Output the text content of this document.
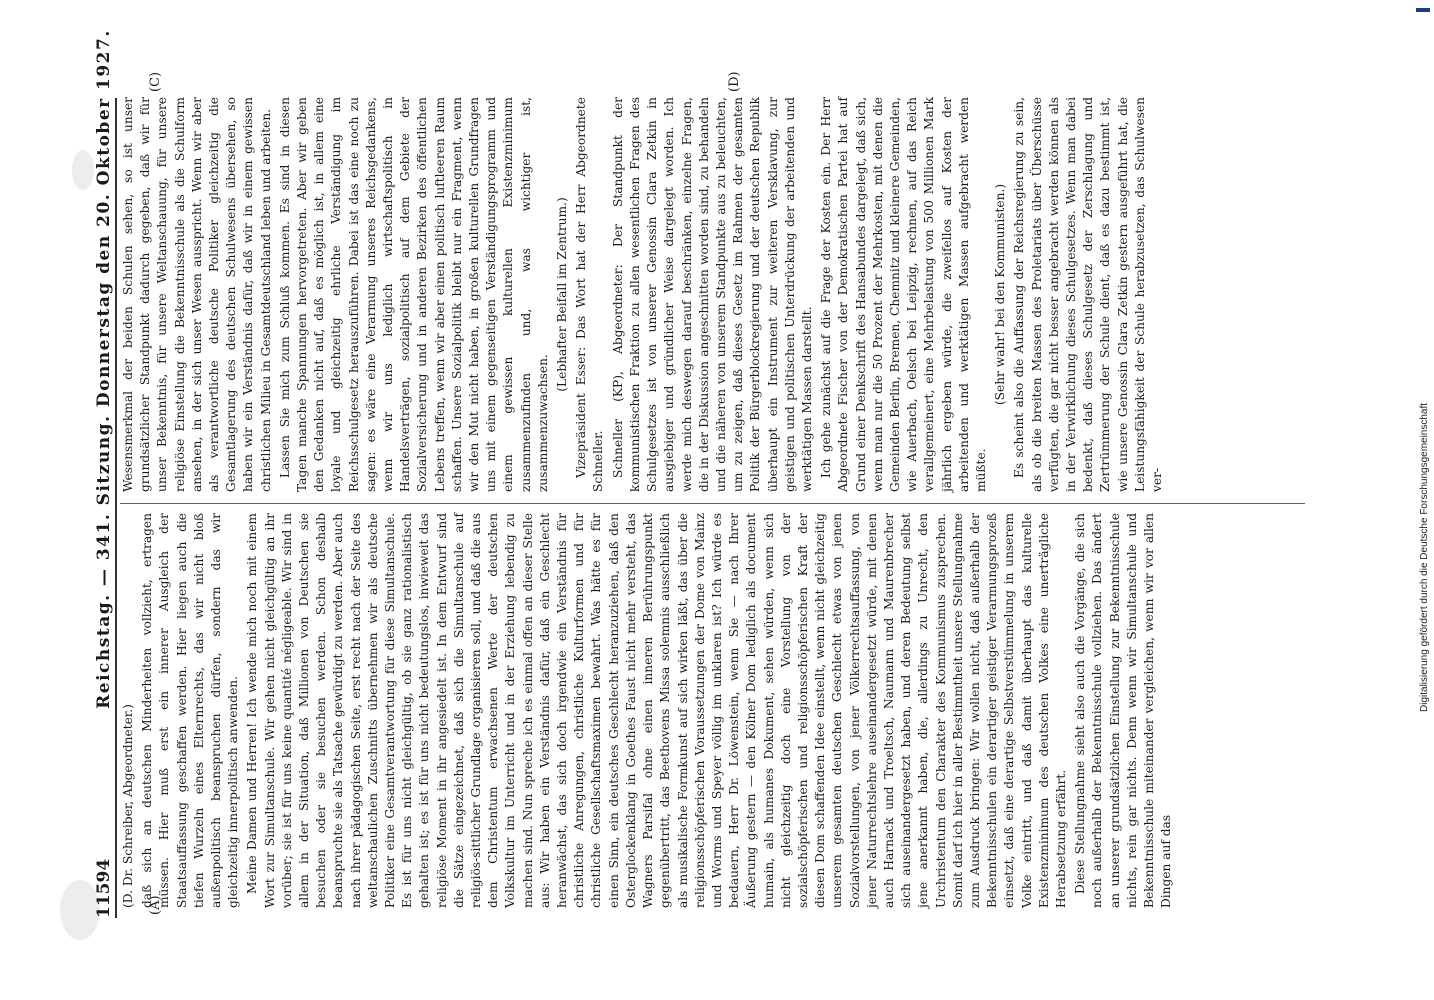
11594
Reichstag. — 341. Sitzung. Donnerstag den 20. Oktober 1927.
(A)
(C)	(D)

(D. Dr. Schreiber, Abgeordneter.) daß sich an deutschen Minderheiten vollzieht, ertragen müssen. Hier muß erst ein innerer Ausgleich der Staatsauffassung geschaffen werden. Hier liegen auch die tiefen Wurzeln eines Elternrechts, das wir nicht bloß außenpolitisch beanspruchen dürfen, sondern das wir gleichzeitig innerpolitisch anwenden. Meine Damen und Herren! Ich wende mich noch mit einem Wort zur Simultanschule. Wir gehen nicht gleichgültig an ihr vorüber; sie ist für uns keine quantité négligeable. Wir sind in allem in der Situation, daß Millionen von Deutschen sie besuchen oder sie besuchen werden. Schon deshalb beanspruchte sie als Tatsache gewürdigt zu werden. Aber auch nach ihrer pädagogischen Seite, erst recht nach der Seite des weltanschaulichen Zuschnitts übernehmen wir als deutsche Politiker eine Gesamtverantwortung für diese Simultanschule. Es ist für uns nicht gleichgültig, ob sie ganz rationalistisch gehalten ist; es ist für uns nicht bedeutungslos, inwieweit das religiöse Moment in ihr angesiedelt ist. In dem Entwurf sind die Sätze eingezeichnet, daß sich die Simultanschule auf religiös-sittlicher Grundlage organisieren soll, und daß die aus dem Christentum erwachsenen Werte der deutschen Volkskultur im Unterricht und in der Erziehung lebendig zu machen sind. Nun spreche ich es einmal offen an dieser Stelle aus: Wir haben ein Verständnis dafür, daß ein Geschlecht heranwächst, das sich doch irgendwie ein Verständnis für christliche Anregungen, christliche Kulturformen und für christliche Gesellschaftsmaximen bewahrt. Was hätte es für einen Sinn, ein deutsches Geschlecht heranzuziehen, daß den Osterglockenklang in Goethes Faust nicht mehr versteht, das Wagners Parsifal ohne einen inneren Berührungspunkt gegenübertritt, das Beethovens Missa solemnis ausschließlich als musikalische Formkunst auf sich wirken läßt, das über die religionsschöpferischen Voraussetzungen der Dome von Mainz und Worms und Speyer völlig im unklaren ist? Ich würde es bedauern, Herr Dr. Löwenstein, wenn Sie — nach Ihrer Äußerung gestern — den Kölner Dom lediglich als document humain, als humanes Dokument, sehen würden, wenn sich nicht gleichzeitig doch eine Vorstellung von der sozialschöpferischen und religionsschöpferischen Kraft der diesen Dom schaffenden Idee einstellt, wenn nicht gleichzeitig unserem gesamten deutschen Geschlecht etwas von jenen Sozialvorstellungen, von jener Völkerrechtsauffassung, von jener Naturrechtslehre auseinandergesetzt würde, mit denen auch Harnack und Troeltsch, Naumann und Maurenbrecher sich auseinandergesetzt haben, und deren Bedeutung selbst jene anerkannt haben, die, allerdings zu Unrecht, den Urchristentum den Charakter des Kommunismus zusprechen. Somit darf ich hier in aller Bestimmtheit unsere Stellungnahme zum Ausdruck bringen: Wir wollen nicht, daß außerhalb der Bekenntnisschulen ein derartiger geistiger Verarmungsprozeß einsetzt, daß eine derartige Selbstverstümmelung in unserem Volke eintritt, und daß damit überhaupt das kulturelle Existenzminimum des deutschen Volkes eine unerträgliche Herabsetzung erfährt. Diese Stellungnahme sieht also auch die Vorgänge, die sich noch außerhalb der Bekenntnisschule vollziehen. Das ändert an unserer grundsätzlichen Einstellung zur Bekenntnisschule nichts, rein gar nichts. Denn wenn wir Simultanschule und Bekenntnisschule miteinander vergleichen, wenn wir vor allen Dingen auf das

Wesensmerkmal der beiden Schulen sehen, so ist unser grundsätzlicher Standpunkt dadurch gegeben, daß wir für unser Bekenntnis, für unsere Weltanschauung, für unsere religiöse Einstellung die Bekenntnisschule als die Schulform ansehen, in der sich unser Wesen ausspricht. Wenn wir aber als verantwortliche deutsche Politiker gleichzeitig die Gesamtlagerung des deutschen Schulwesens übersehen, so haben wir ein Verständnis dafür, daß wir in einem gewissen christlichen Milieu in Gesamtdeutschland leben und arbeiten. Lassen Sie mich zum Schluß kommen. Es sind in diesen Tagen manche Spannungen hervorgetreten. Aber wir geben den Gedanken nicht auf, daß es möglich ist, in allem eine loyale und gleichzeitig ehrliche Verständigung im Reichsschulgesetz herauszuführen. Dabei ist das eine noch zu sagen: es wäre eine Verarmung unseres Reichsgedankens, wenn wir uns lediglich wirtschaftspolitisch in Handelsverträgen, sozialpolitisch auf dem Gebiete der Sozialversicherung und in anderen Bezirken des öffentlichen Lebens treffen, wenn wir aber einen politisch luftleeren Raum schaffen. Unsere Sozialpolitik bleibt nur ein Fragment, wenn wir den Mut nicht haben, in großen kulturellen Grundfragen uns mit einem gegenseitigen Verständigungsprogramm und einem gewissen kulturellen Existenzminimum zusammenzufinden und, was wichtiger ist, zusammenzuwachsen.

(Lebhafter Beifall im Zentrum.) Vizepräsident Esser: Das Wort hat der Herr Abgeordnete Schneller. Schneller (KP), Abgeordneter: Der Standpunkt der kommunistischen Fraktion zu allen wesentlichen Fragen des Schulgesetzes ist von unserer Genossin Clara Zetkin in ausgiebiger und gründlicher Weise dargelegt worden. Ich werde mich deswegen darauf beschränken, einzelne Fragen, die in der Diskussion angeschnitten worden sind, zu behandeln und die näheren von unserem Standpunkte aus zu beleuchten, um zu zeigen, daß dieses Gesetz im Rahmen der gesamten Politik der Bürgerblockregierung und der deutschen Republik überhaupt ein Instrument zur weiteren Versklavung, zur geistigen und politischen Unterdrückung der arbeitenden und werktätigen Massen darstellt. Ich gehe zunächst auf die Frage der Kosten ein. Der Herr Abgeordnete Fischer von der Demokratischen Partei hat auf Grund einer Denkschrift des Hansabundes dargelegt, daß sich, wenn man nur die 50 Prozent der Mehrkosten, mit denen die Gemeinden Berlin, Bremen, Chemnitz und kleinere Gemeinden, wie Auerbach, Oelsch bei Leipzig, rechnen, auf das Reich verallgemeinert, eine Mehrbelastung von 500 Millionen Mark jährlich ergeben würde, die zweifellos auf Kosten der arbeitenden und werktätigen Massen aufgebracht werden müßte.

(Sehr wahr! bei den Kommunisten.) Es scheint also die Auffassung der Reichsregierung zu sein, als ob die breiten Massen des Proletariats über Überschüsse verfügten, die gar nicht besser angebracht werden können als in der Verwirklichung dieses Schulgesetzes. Wenn man dabei bedenkt, daß dieses Schulgesetz der Zerschlagung und Zertrümmerung der Schule dient, daß es dazu bestimmt ist, wie unsere Genossin Clara Zetkin gestern ausgeführt hat, die Leistungsfähigkeit der Schule herabzusetzen, das Schulwesen ver-	Digitalisierung gefördert durch die Deutsche Forschungsgemeinschaft
